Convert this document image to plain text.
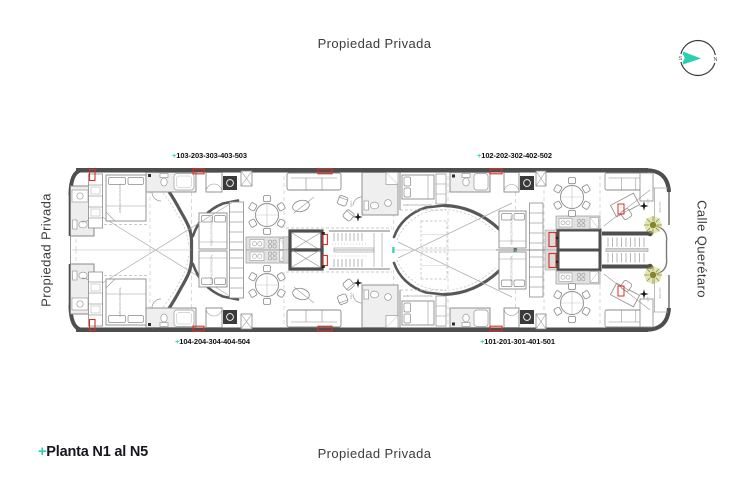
Propiedad Privada
Propiedad Privada
Propiedad Privada	Calle Querétaro
+103-203-303-403-503	+102-202-302-402-502
+104-204-304-404-504	+101-201-301-401-501
+Planta N1 al N5
HABITACIÓN PRINCIPAL
HABITACIÓN PRINCIPAL
HABITACIÓN PRINCIPAL
HABITACIÓN PRINCIPAL
HABITACIÓN PRINCIPAL
HABITACIÓN PRINCIPAL
HABITACIÓN PRINCIPAL
HABITACIÓN PRINCIPAL
SALA
SALA
BALCÓN
BALCÓN
NPT
NPT
NPT
NPT
S	N
